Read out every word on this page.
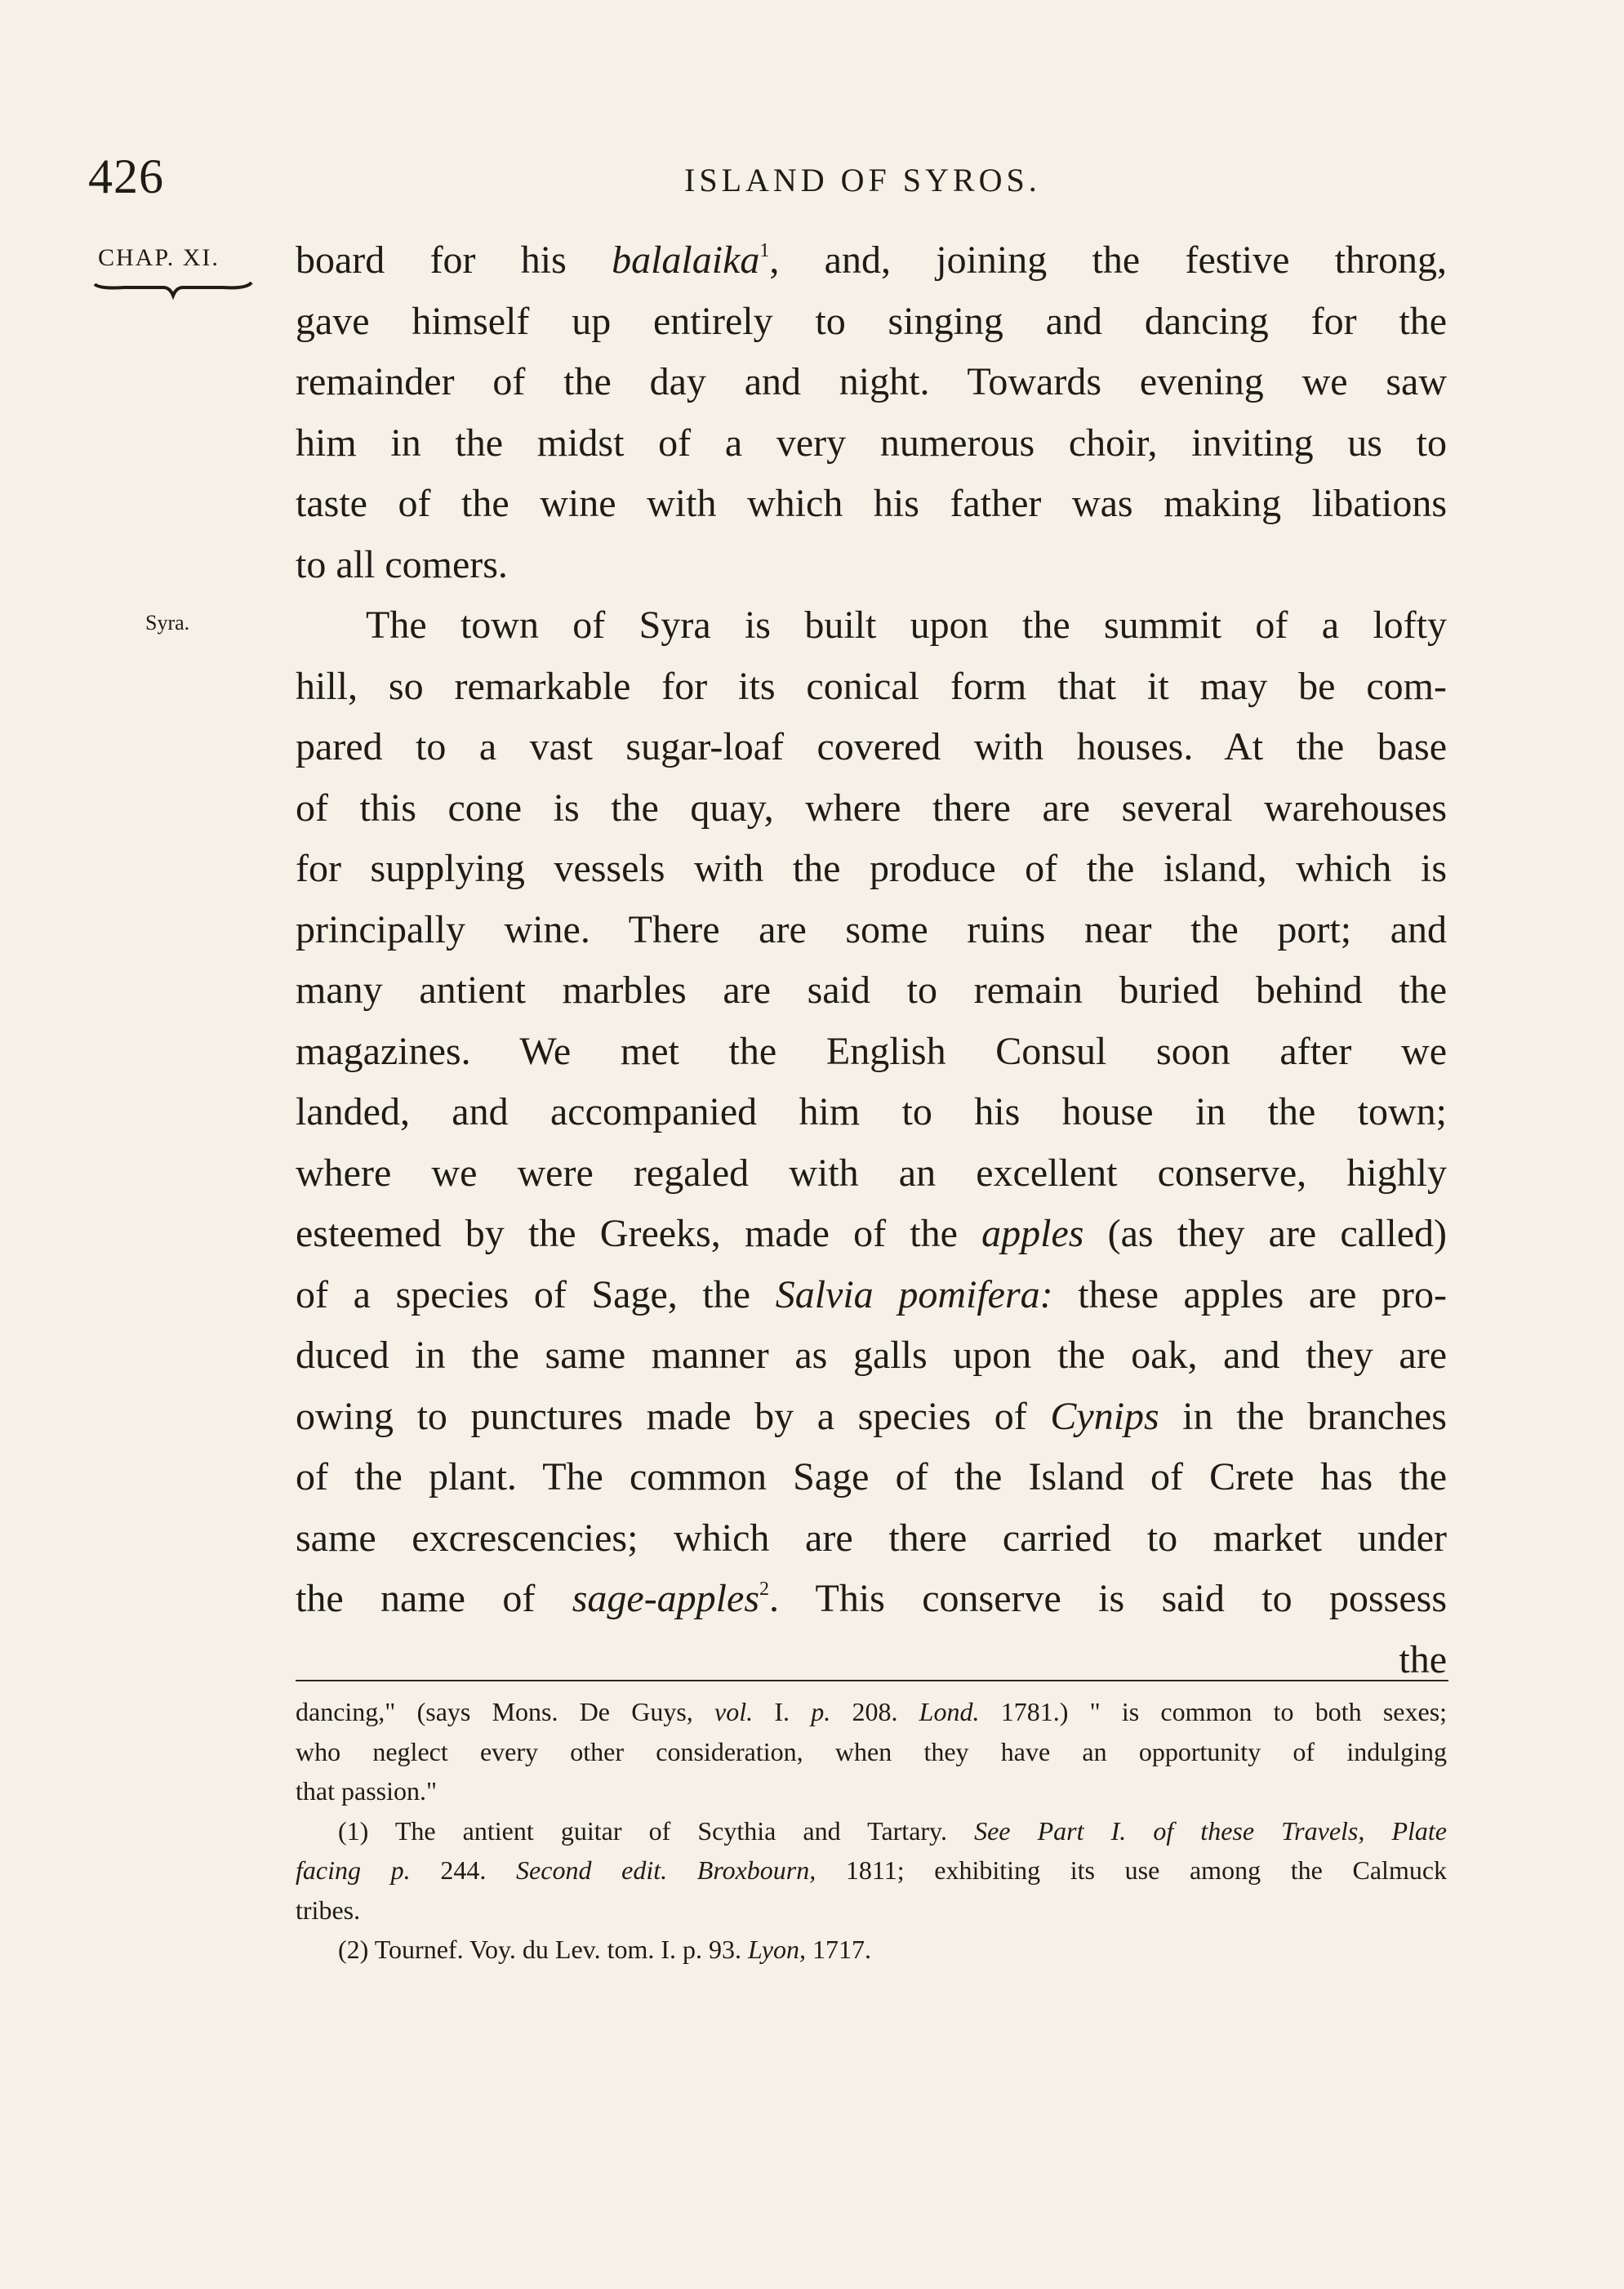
426	ISLAND OF SYROS.
CHAP. XI.
Syra.
board for his balalaika$^1$, and, joining the festive throng,
gave himself up entirely to singing and dancing for the
remainder of the day and night. Towards evening we saw
him in the midst of a very numerous choir, inviting us to
taste of the wine with which his father was making libations
to all comers.
The town of Syra is built upon the summit of a lofty
hill, so remarkable for its conical form that it may be com-
pared to a vast sugar-loaf covered with houses. At the base
of this cone is the quay, where there are several warehouses
for supplying vessels with the produce of the island, which is
principally wine. There are some ruins near the port; and
many antient marbles are said to remain buried behind the
magazines. We met the English Consul soon after we
landed, and accompanied him to his house in the town;
where we were regaled with an excellent conserve, highly
esteemed by the Greeks, made of the apples (as they are called)
of a species of Sage, the Salvia pomifera: these apples are pro-
duced in the same manner as galls upon the oak, and they are
owing to punctures made by a species of Cynips in the branches
of the plant. The common Sage of the Island of Crete has the
same excrescencies; which are there carried to market under
the name of sage-apples$^2$. This conserve is said to possess
the
dancing," (says Mons. De Guys, vol. I. p. 208. Lond. 1781.) " is common to both sexes;
who neglect every other consideration, when they have an opportunity of indulging
that passion."
(1) The antient guitar of Scythia and Tartary. See Part I. of these Travels, Plate
facing p. 244. Second edit. Broxbourn, 1811; exhibiting its use among the Calmuck
tribes.
(2) Tournef. Voy. du Lev. tom. I. p. 93. Lyon, 1717.
